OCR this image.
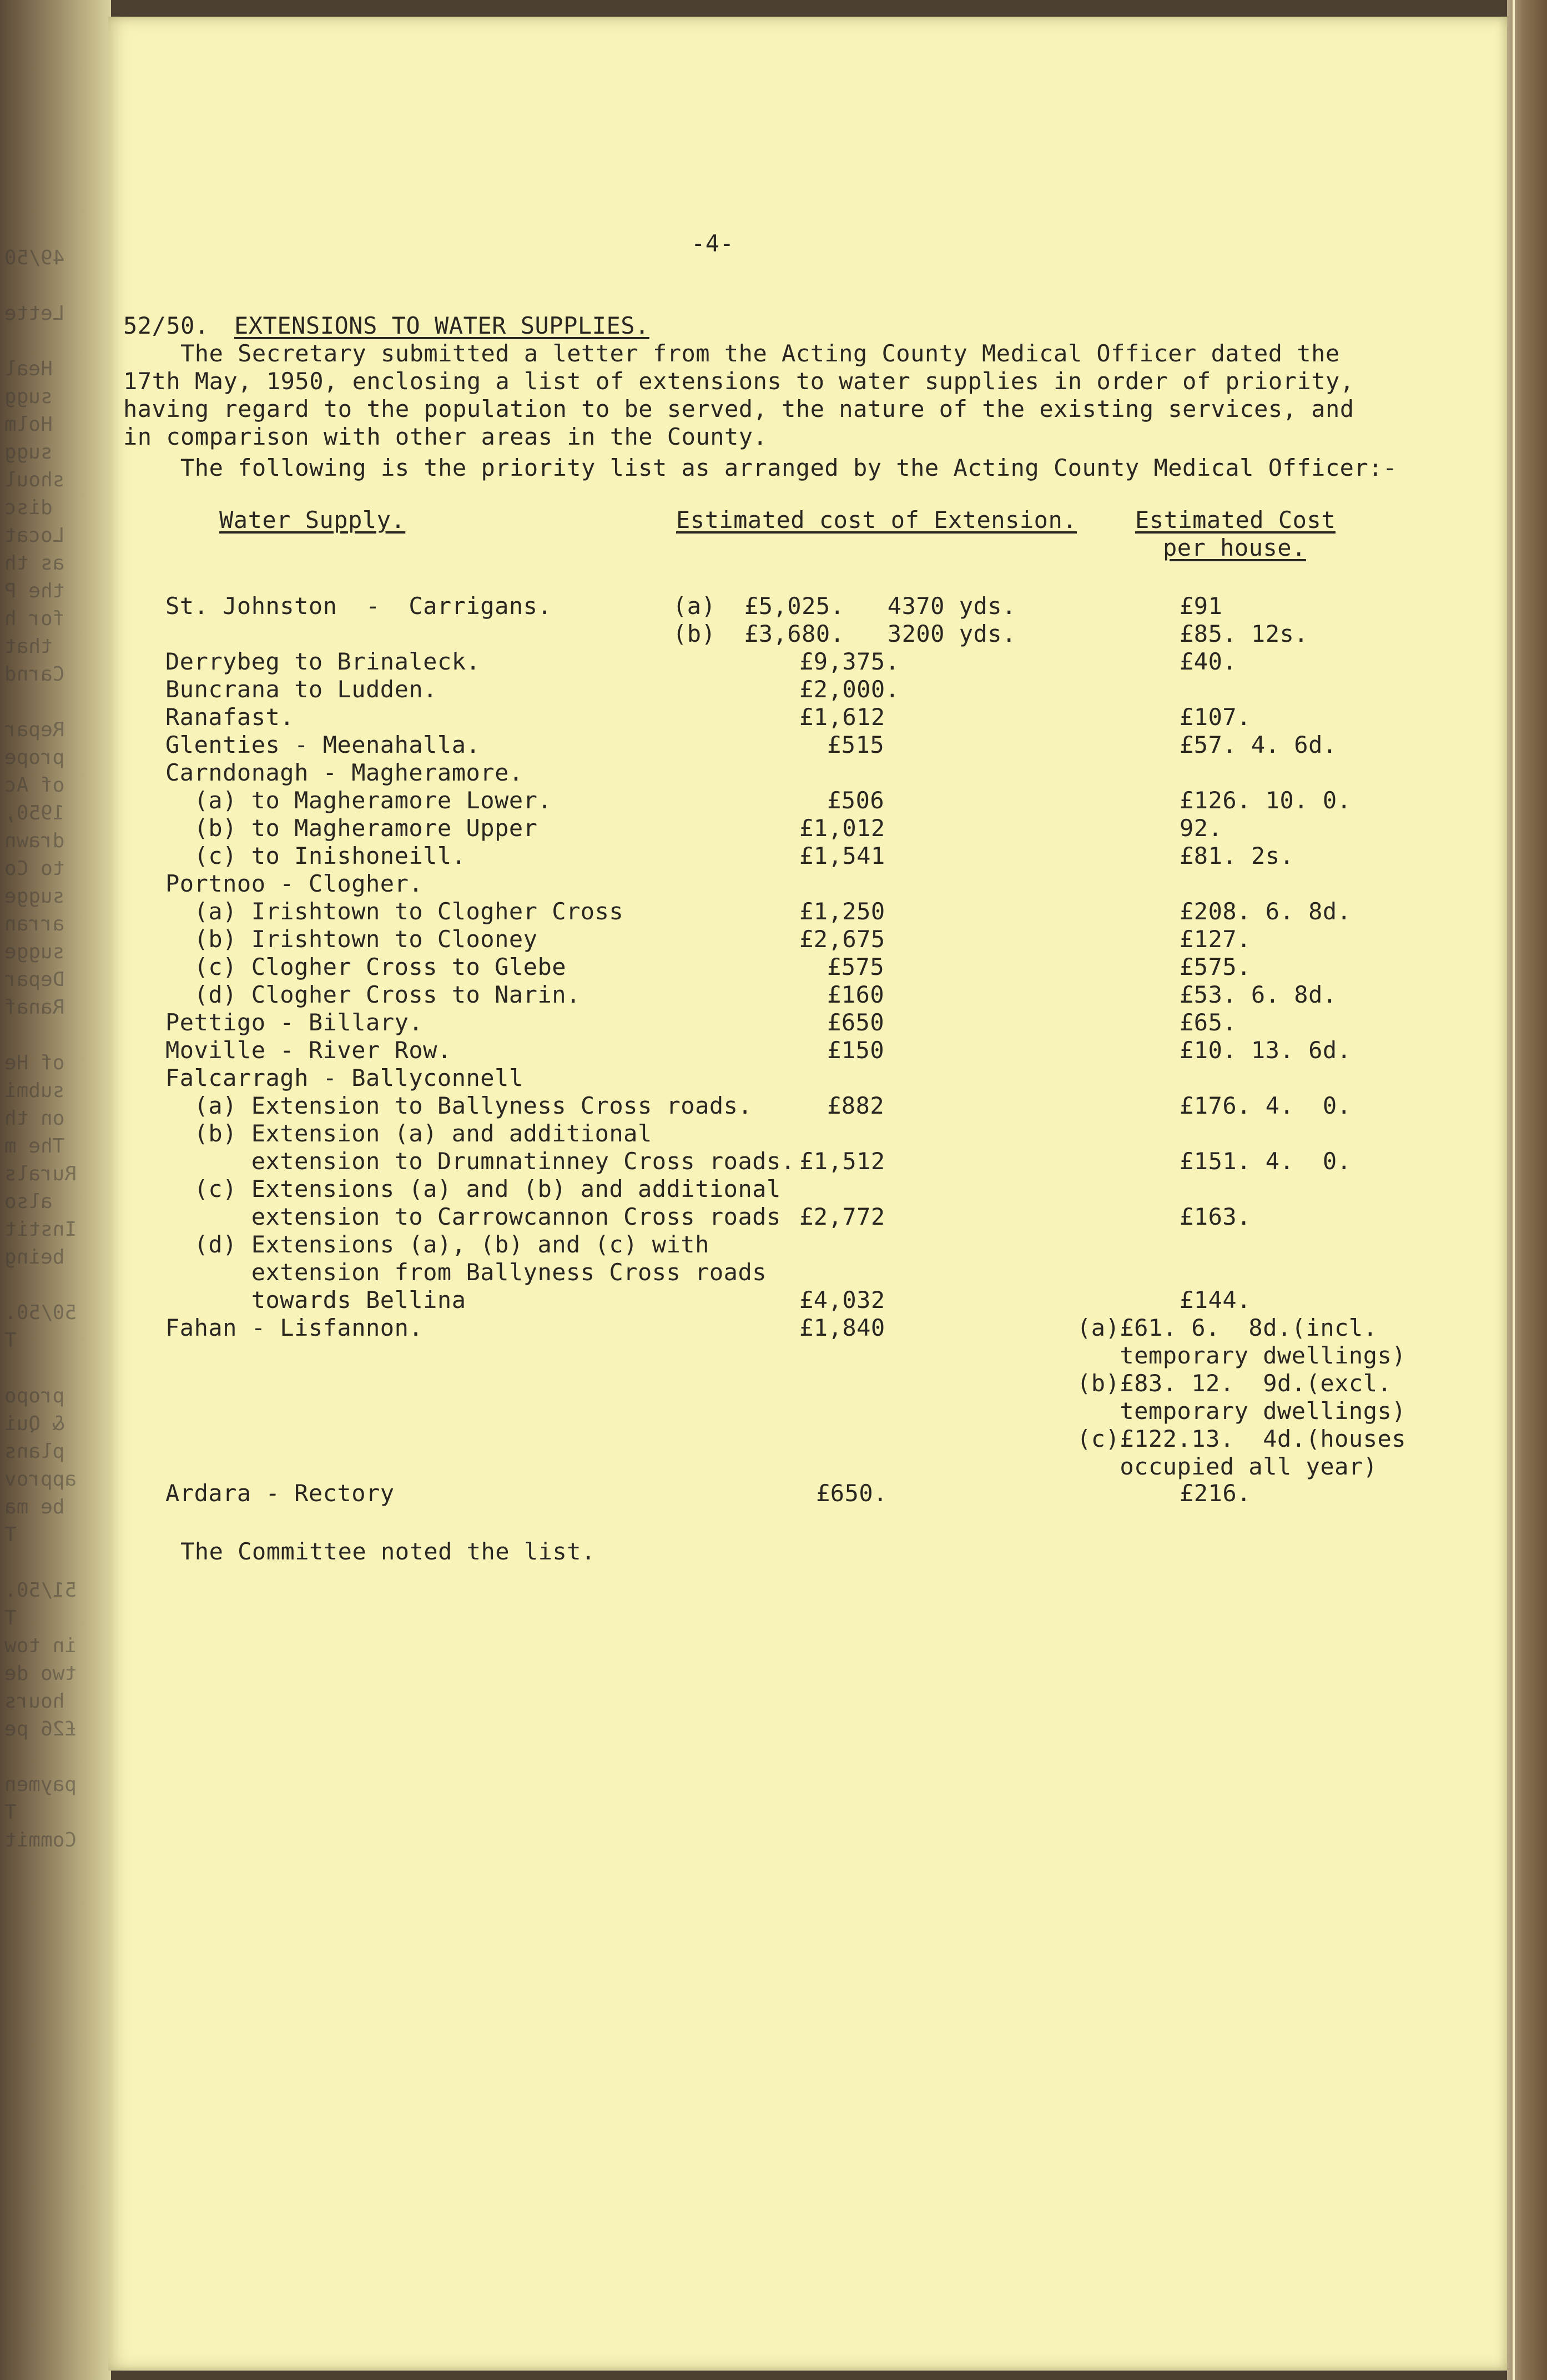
49/50

Lette

Heal
sugg
Holm
sugg
shoul
disc
Locat
as th
the P
for h
that
Carnd

Repar
prope
of Ac
1950,
drawn
to Co
sugge
arran
sugge
Depar
Ranaf

of He
submi
on th
The m
Rurals
also
Instit
being

50/50.
T

propo
& Qui
plans
approv
be ma
T

51/50.
T
in tow
two de
hours
£26 pe

paymen
T
Commit
-4-
52/50. EXTENSIONS TO WATER SUPPLIES.
The Secretary submitted a letter from the Acting County Medical Officer dated the
17th May, 1950, enclosing a list of extensions to water supplies in order of priority,
having regard to the population to be served, the nature of the existing services, and
in comparison with other areas in the County.
The following is the priority list as arranged by the Acting County Medical Officer:-
Water Supply.	Estimated cost of Extension. Estimated Cost
per house.
St. Johnston  -  Carrigans.	(a)  £5,025.   4370 yds.	£91
(b)  £3,680.   3200 yds.	£85. 12s.
Derrybeg to Brinaleck.	£9,375.	£40.
Buncrana to Ludden.	£2,000.
Ranafast.	£1,612	£107.
Glenties - Meenahalla.	£515	£57. 4. 6d.
Carndonagh - Magheramore.
(a) to Magheramore Lower.	£506	£126. 10. 0.
(b) to Magheramore Upper	£1,012	92.
(c) to Inishoneill.	£1,541	£81. 2s.
Portnoo - Clogher.
(a) Irishtown to Clogher Cross	£1,250	£208. 6. 8d.
(b) Irishtown to Clooney	£2,675	£127.
(c) Clogher Cross to Glebe	£575	£575.
(d) Clogher Cross to Narin.	£160	£53. 6. 8d.
Pettigo - Billary.	£650	£65.
Moville - River Row.	£150	£10. 13. 6d.
Falcarragh - Ballyconnell
(a) Extension to Ballyness Cross roads.	£882	£176. 4.  0.
(b) Extension (a) and additional
extension to Drumnatinney Cross roads. £1,512	£151. 4.  0.
(c) Extensions (a) and (b) and additional
extension to Carrowcannon Cross roads £2,772	£163.
(d) Extensions (a), (b) and (c) with
extension from Ballyness Cross roads
towards Bellina	£4,032	£144.
Fahan - Lisfannon.	£1,840	(a)£61. 6.  8d.(incl.
temporary dwellings)
(b)£83. 12.  9d.(excl.
temporary dwellings)
(c)£122.13.  4d.(houses
occupied all year)
Ardara - Rectory	£650.	£216.
The Committee noted the list.
